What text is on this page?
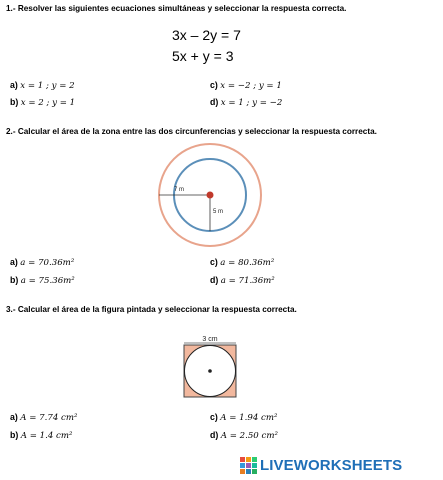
1.- Resolver las siguientes ecuaciones simultáneas y seleccionar la respuesta correcta.
3x – 2y = 7
5x + y = 3
a) x = 1 ; y = 2	c) x = −2 ; y = 1
b) x = 2 ; y = 1	d) x = 1 ; y = −2
2.- Calcular el área de la zona entre las dos circunferencias y seleccionar la respuesta correcta.
7 m
5 m
a) a = 70.36m²	c) a = 80.36m²
b) a = 75.36m²	d) a = 71.36m²
3.- Calcular el área de la figura pintada y seleccionar la respuesta correcta.
3 cm
a) A = 7.74 cm²	c) A = 1.94 cm²
b) A = 1.4 cm²	d) A = 2.50 cm²
LIVEWORKSHEETS
